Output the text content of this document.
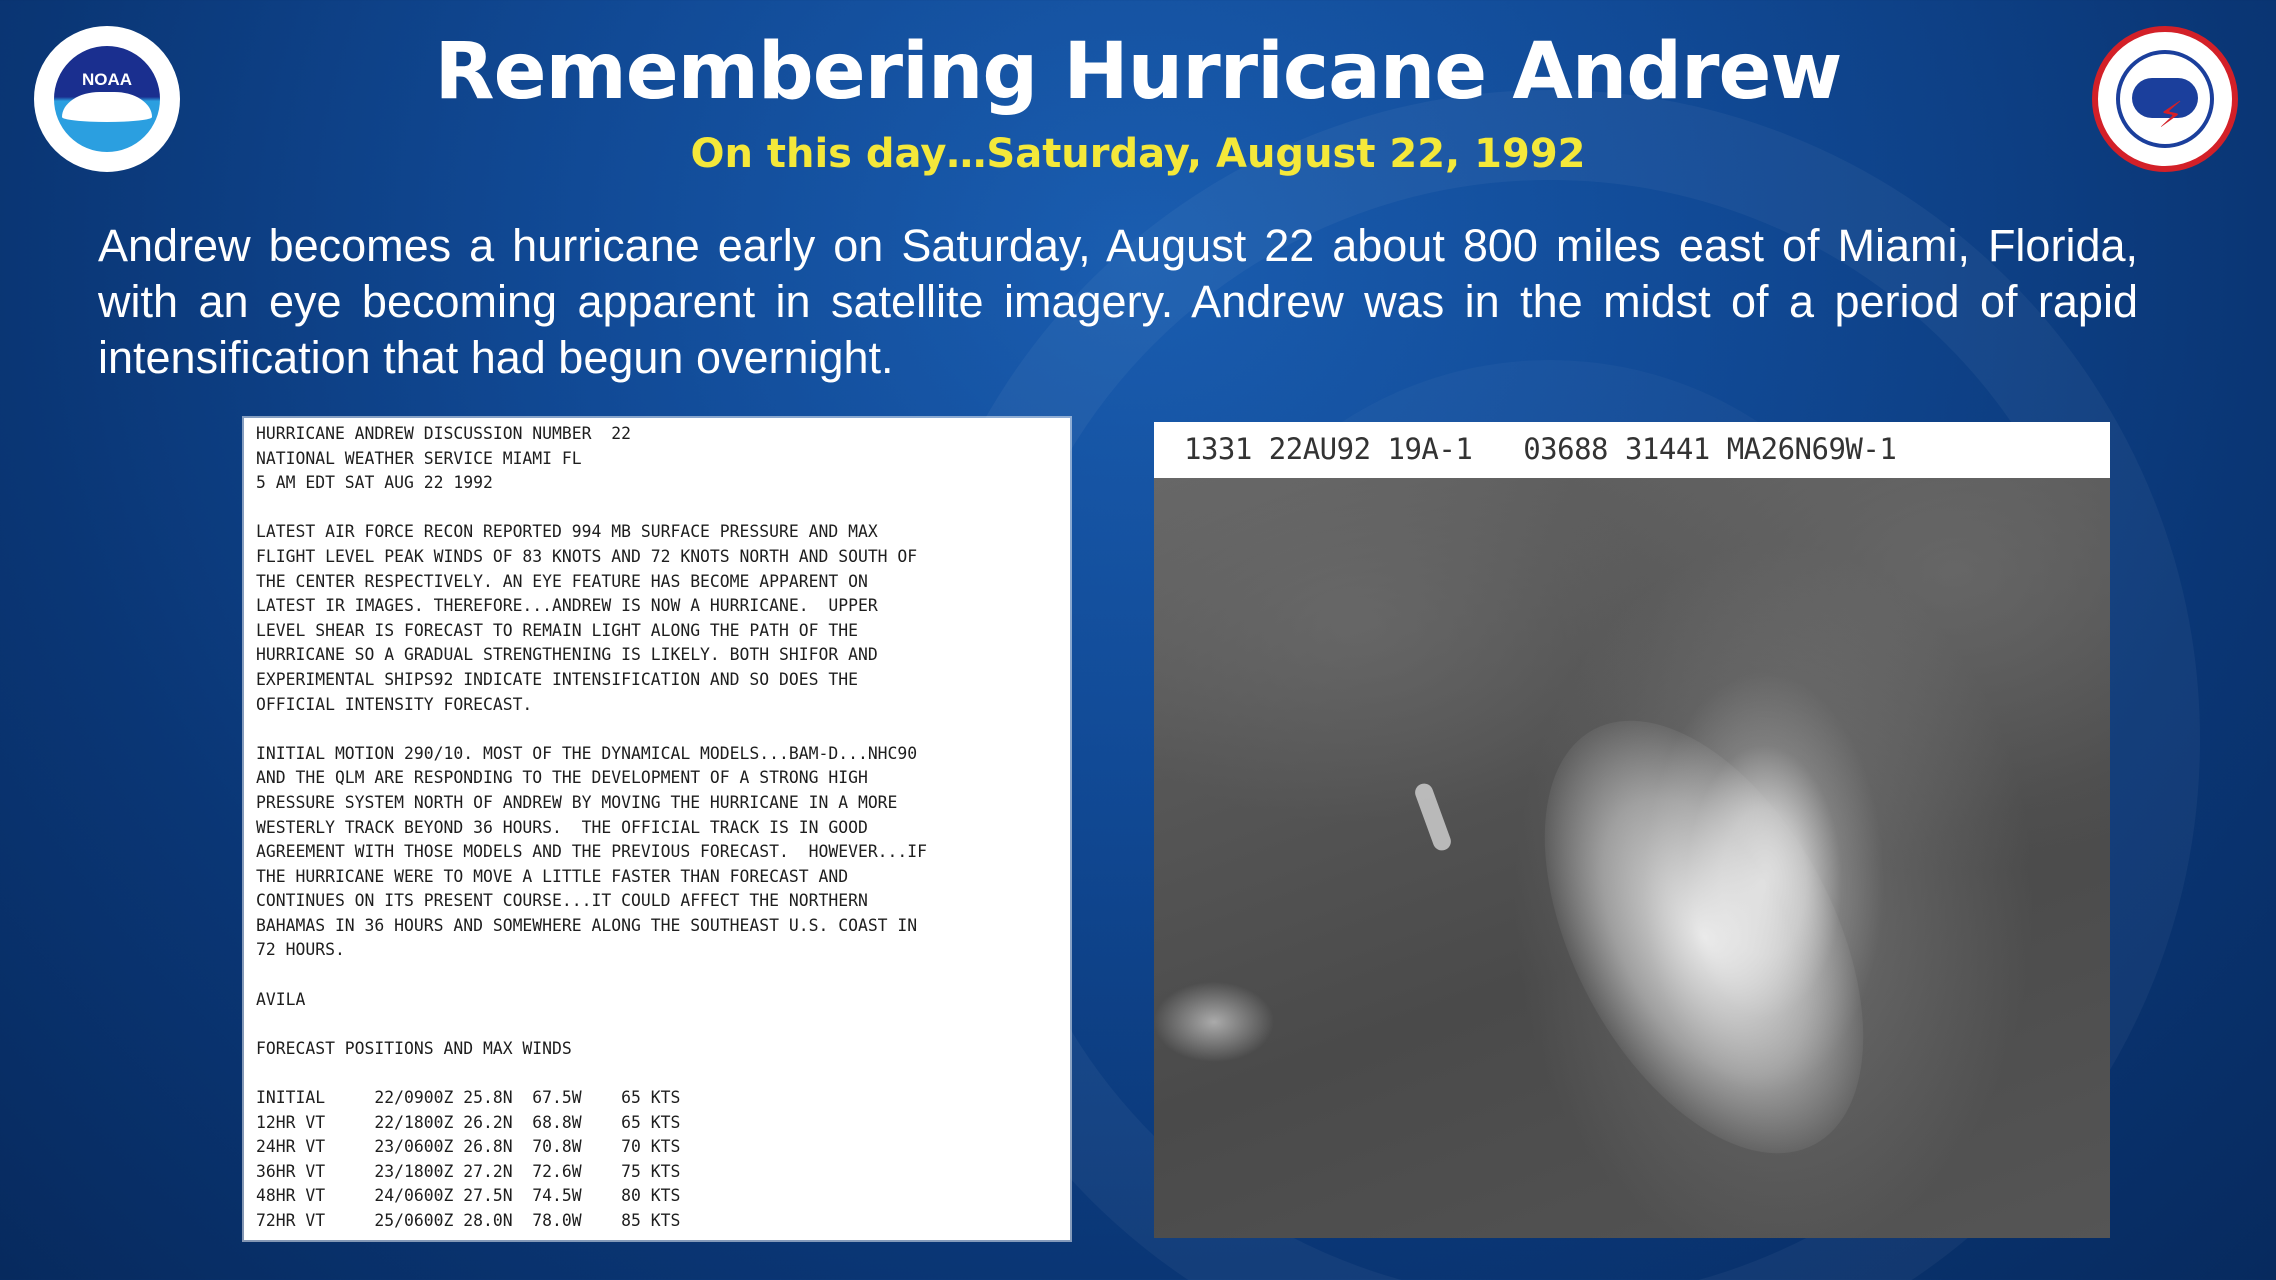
NOAA
⚡
Remembering Hurricane Andrew
On this day…Saturday, August 22, 1992
Andrew becomes a hurricane early on Saturday, August 22 about 800 miles east of Miami, Florida, with an eye becoming apparent in satellite imagery. Andrew was in the midst of a period of rapid intensification that had begun overnight.
HURRICANE ANDREW DISCUSSION NUMBER  22
NATIONAL WEATHER SERVICE MIAMI FL
5 AM EDT SAT AUG 22 1992

LATEST AIR FORCE RECON REPORTED 994 MB SURFACE PRESSURE AND MAX
FLIGHT LEVEL PEAK WINDS OF 83 KNOTS AND 72 KNOTS NORTH AND SOUTH OF
THE CENTER RESPECTIVELY. AN EYE FEATURE HAS BECOME APPARENT ON
LATEST IR IMAGES. THEREFORE...ANDREW IS NOW A HURRICANE.  UPPER
LEVEL SHEAR IS FORECAST TO REMAIN LIGHT ALONG THE PATH OF THE
HURRICANE SO A GRADUAL STRENGTHENING IS LIKELY. BOTH SHIFOR AND
EXPERIMENTAL SHIPS92 INDICATE INTENSIFICATION AND SO DOES THE
OFFICIAL INTENSITY FORECAST.

INITIAL MOTION 290/10. MOST OF THE DYNAMICAL MODELS...BAM-D...NHC90
AND THE QLM ARE RESPONDING TO THE DEVELOPMENT OF A STRONG HIGH
PRESSURE SYSTEM NORTH OF ANDREW BY MOVING THE HURRICANE IN A MORE
WESTERLY TRACK BEYOND 36 HOURS.  THE OFFICIAL TRACK IS IN GOOD
AGREEMENT WITH THOSE MODELS AND THE PREVIOUS FORECAST.  HOWEVER...IF
THE HURRICANE WERE TO MOVE A LITTLE FASTER THAN FORECAST AND
CONTINUES ON ITS PRESENT COURSE...IT COULD AFFECT THE NORTHERN
BAHAMAS IN 36 HOURS AND SOMEWHERE ALONG THE SOUTHEAST U.S. COAST IN
72 HOURS.

AVILA

FORECAST POSITIONS AND MAX WINDS

INITIAL     22/0900Z 25.8N  67.5W    65 KTS
12HR VT     22/1800Z 26.2N  68.8W    65 KTS
24HR VT     23/0600Z 26.8N  70.8W    70 KTS
36HR VT     23/1800Z 27.2N  72.6W    75 KTS
48HR VT     24/0600Z 27.5N  74.5W    80 KTS
72HR VT     25/0600Z 28.0N  78.0W    85 KTS
1331 22AU92 19A-1   03688 31441 MA26N69W-1
